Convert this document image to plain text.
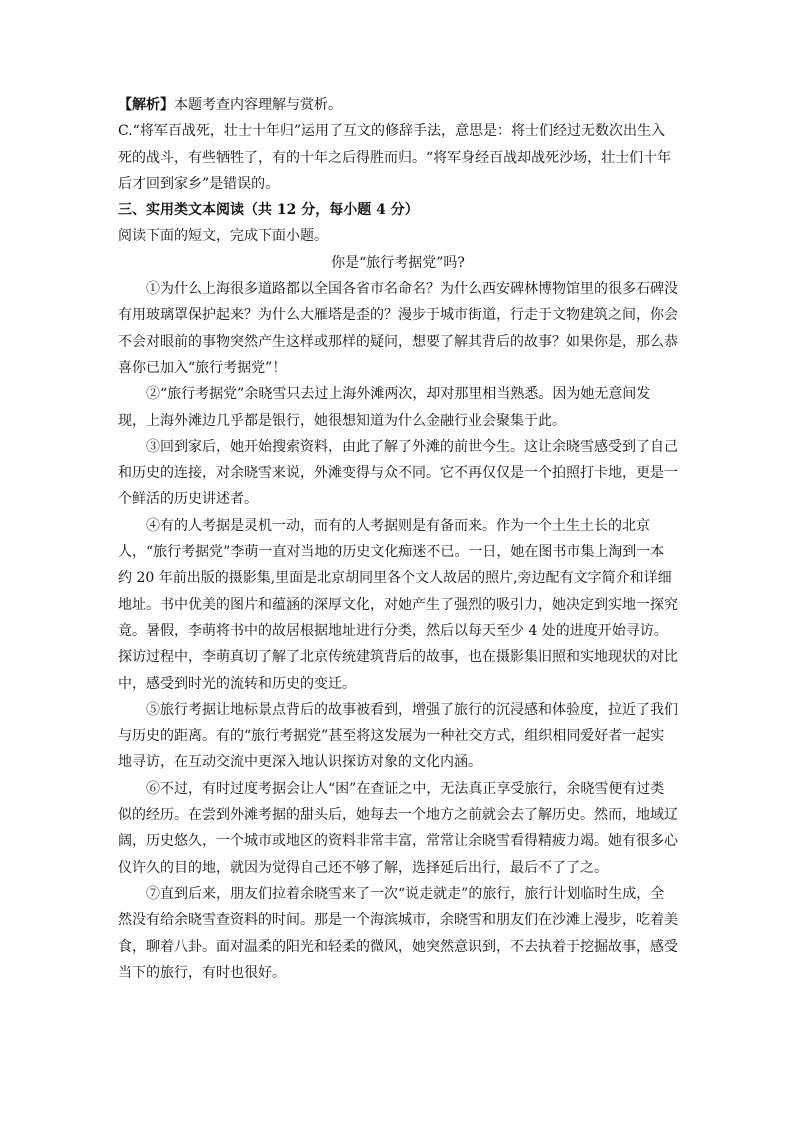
【解析】本题考查内容理解与赏析。

C.“将军百战死，壮士十年归”运用了互文的修辞手法，意思是：将士们经过无数次出生入死的战斗，有些牺牲了，有的十年之后得胜而归。“将军身经百战却战死沙场，壮士们十年后才回到家乡”是错误的。

三、实用类文本阅读（共 12 分，每小题 4 分）

阅读下面的短文，完成下面小题。

你是“旅行考据党”吗?

①为什么上海很多道路都以全国各省市名命名？为什么西安碑林博物馆里的很多石碑没有用玻璃罩保护起来？为什么大雁塔是歪的？漫步于城市街道，行走于文物建筑之间，你会不会对眼前的事物突然产生这样或那样的疑问，想要了解其背后的故事？如果你是，那么恭喜你已加入“旅行考据党”！

②“旅行考据党”余晓雪只去过上海外滩两次，却对那里相当熟悉。因为她无意间发现，上海外滩边几乎都是银行，她很想知道为什么金融行业会聚集于此。

③回到家后，她开始搜索资料，由此了解了外滩的前世今生。这让余晓雪感受到了自己和历史的连接，对余晓雪来说，外滩变得与众不同。它不再仅仅是一个拍照打卡地，更是一个鲜活的历史讲述者。

④有的人考据是灵机一动，而有的人考据则是有备而来。作为一个土生土长的北京人，“旅行考据党”李萌一直对当地的历史文化痴迷不已。一日，她在图书市集上淘到一本约 20 年前出版的摄影集,里面是北京胡同里各个文人故居的照片,旁边配有文字简介和详细地址。书中优美的图片和蕴涵的深厚文化，对她产生了强烈的吸引力，她决定到实地一探究竟。暑假，李萌将书中的故居根据地址进行分类，然后以每天至少 4 处的进度开始寻访。探访过程中，李萌真切了解了北京传统建筑背后的故事，也在摄影集旧照和实地现状的对比中，感受到时光的流转和历史的变迁。

⑤旅行考据让地标景点背后的故事被看到，增强了旅行的沉浸感和体验度，拉近了我们与历史的距离。有的“旅行考据党”甚至将这发展为一种社交方式，组织相同爱好者一起实地寻访，在互动交流中更深入地认识探访对象的文化内涵。

⑥不过，有时过度考据会让人“困”在查证之中，无法真正享受旅行，余晓雪便有过类似的经历。在尝到外滩考据的甜头后，她每去一个地方之前就会去了解历史。然而，地域辽阔，历史悠久，一个城市或地区的资料非常丰富，常常让余晓雪看得精疲力竭。她有很多心仪许久的目的地，就因为觉得自己还不够了解，选择延后出行，最后不了了之。

⑦直到后来，朋友们拉着余晓雪来了一次“说走就走”的旅行，旅行计划临时生成，全然没有给余晓雪查资料的时间。那是一个海滨城市，余晓雪和朋友们在沙滩上漫步，吃着美食，聊着八卦。面对温柔的阳光和轻柔的微风，她突然意识到，不去执着于挖掘故事，感受当下的旅行，有时也很好。
